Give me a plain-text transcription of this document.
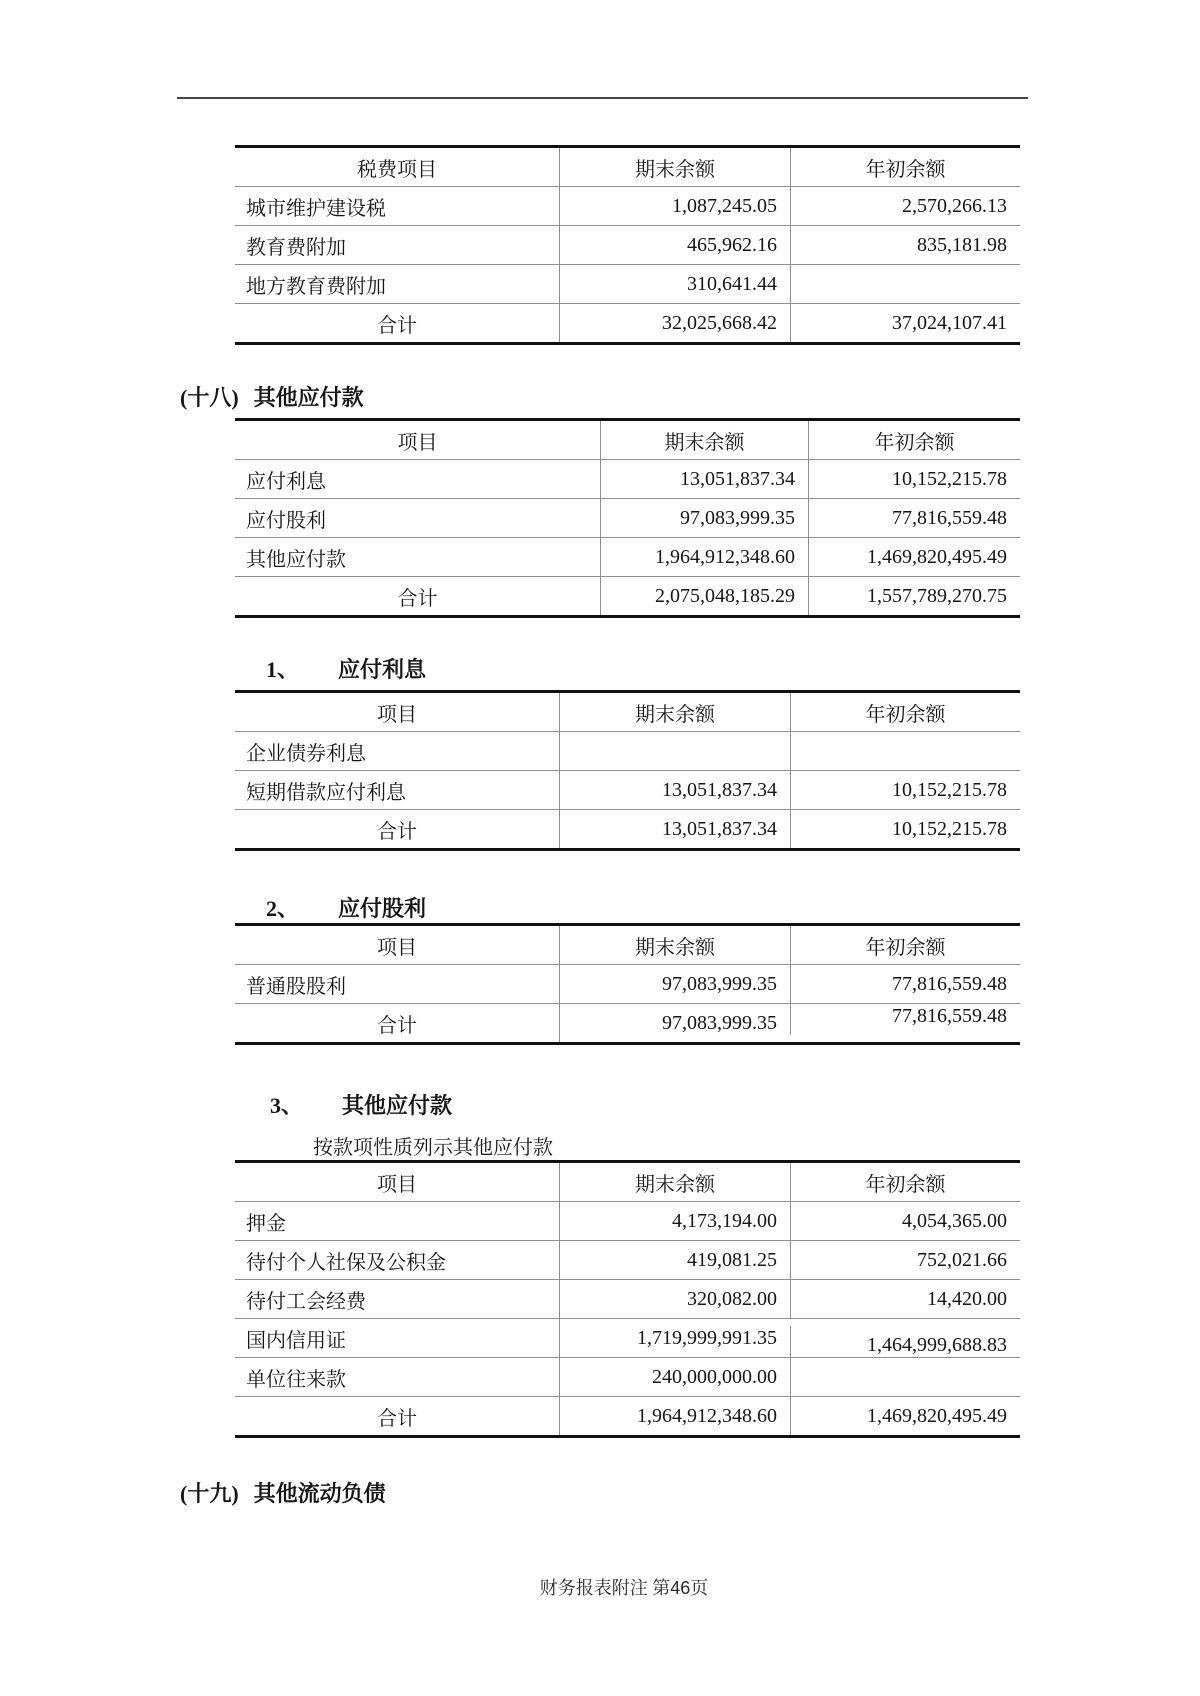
税费项目	期末余额	年初余额
城市维护建设税	1,087,245.05	2,570,266.13
教育费附加	465,962.16	835,181.98
地方教育费附加	310,641.44
合计	32,025,668.42	37,024,107.41
(十八) 其他应付款
项目	期末余额	年初余额
应付利息	13,051,837.34	10,152,215.78
应付股利	97,083,999.35	77,816,559.48
其他应付款	1,964,912,348.60	1,469,820,495.49
合计	2,075,048,185.29	1,557,789,270.75
1、 应付利息
项目	期末余额	年初余额
企业债券利息
短期借款应付利息	13,051,837.34	10,152,215.78
合计	13,051,837.34	10,152,215.78
2、 应付股利
项目	期末余额	年初余额
普通股股利	97,083,999.35	77,816,559.48
合计	97,083,999.35	77,816,559.48
3、 其他应付款
按款项性质列示其他应付款
项目	期末余额	年初余额
押金	4,173,194.00	4,054,365.00
待付个人社保及公积金	419,081.25	752,021.66
待付工会经费	320,082.00	14,420.00
国内信用证	1,719,999,991.35	1,464,999,688.83
单位往来款	240,000,000.00
合计	1,964,912,348.60	1,469,820,495.49
(十九) 其他流动负债
财务报表附注 第46页
